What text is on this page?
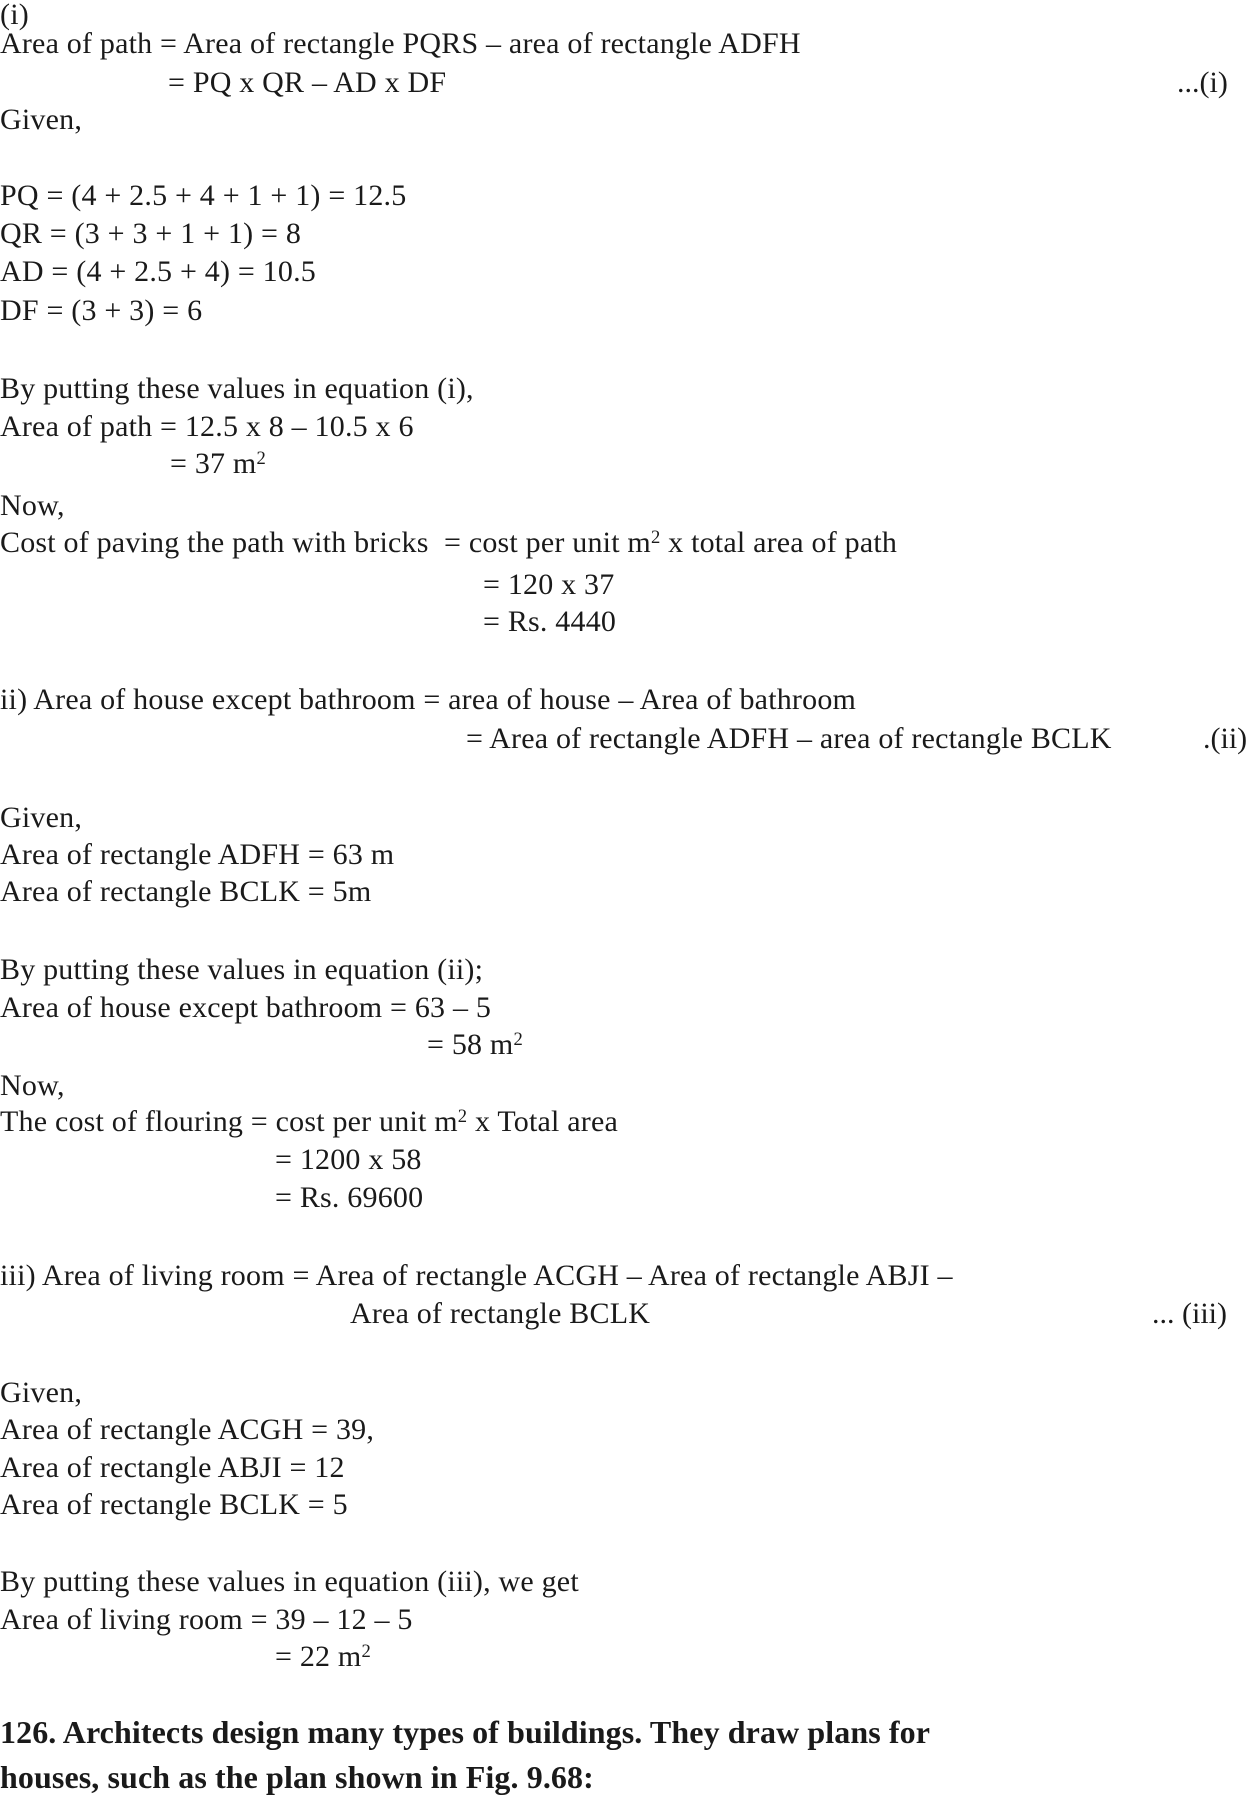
(i)
Area of path = Area of rectangle PQRS – area of rectangle ADFH
= PQ x QR – AD x DF	...(i)
Given,
PQ = (4 + 2.5 + 4 + 1 + 1) = 12.5
QR = (3 + 3 + 1 + 1) = 8
AD = (4 + 2.5 + 4) = 10.5
DF = (3 + 3) = 6
By putting these values in equation (i),
Area of path = 12.5 x 8 – 10.5 x 6
= 37 $m^2$
Now,
Cost of paving the path with bricks  = cost per unit $m^2$ x total area of path
= 120 x 37
= Rs. 4440
ii) Area of house except bathroom = area of house – Area of bathroom
= Area of rectangle ADFH – area of rectangle BCLK	.(ii)
Given,
Area of rectangle ADFH = 63 m
Area of rectangle BCLK = 5m
By putting these values in equation (ii);
Area of house except bathroom = 63 – 5
= 58 $m^2$
Now,
The cost of flouring = cost per unit $m^2$ x Total area
= 1200 x 58
= Rs. 69600
iii) Area of living room = Area of rectangle ACGH – Area of rectangle ABJI –
Area of rectangle BCLK	... (iii)
Given,
Area of rectangle ACGH = 39,
Area of rectangle ABJI = 12
Area of rectangle BCLK = 5
By putting these values in equation (iii), we get
Area of living room = 39 – 12 – 5
= 22 $m^2$
126. Architects design many types of buildings. They draw plans for
houses, such as the plan shown in Fig. 9.68:
